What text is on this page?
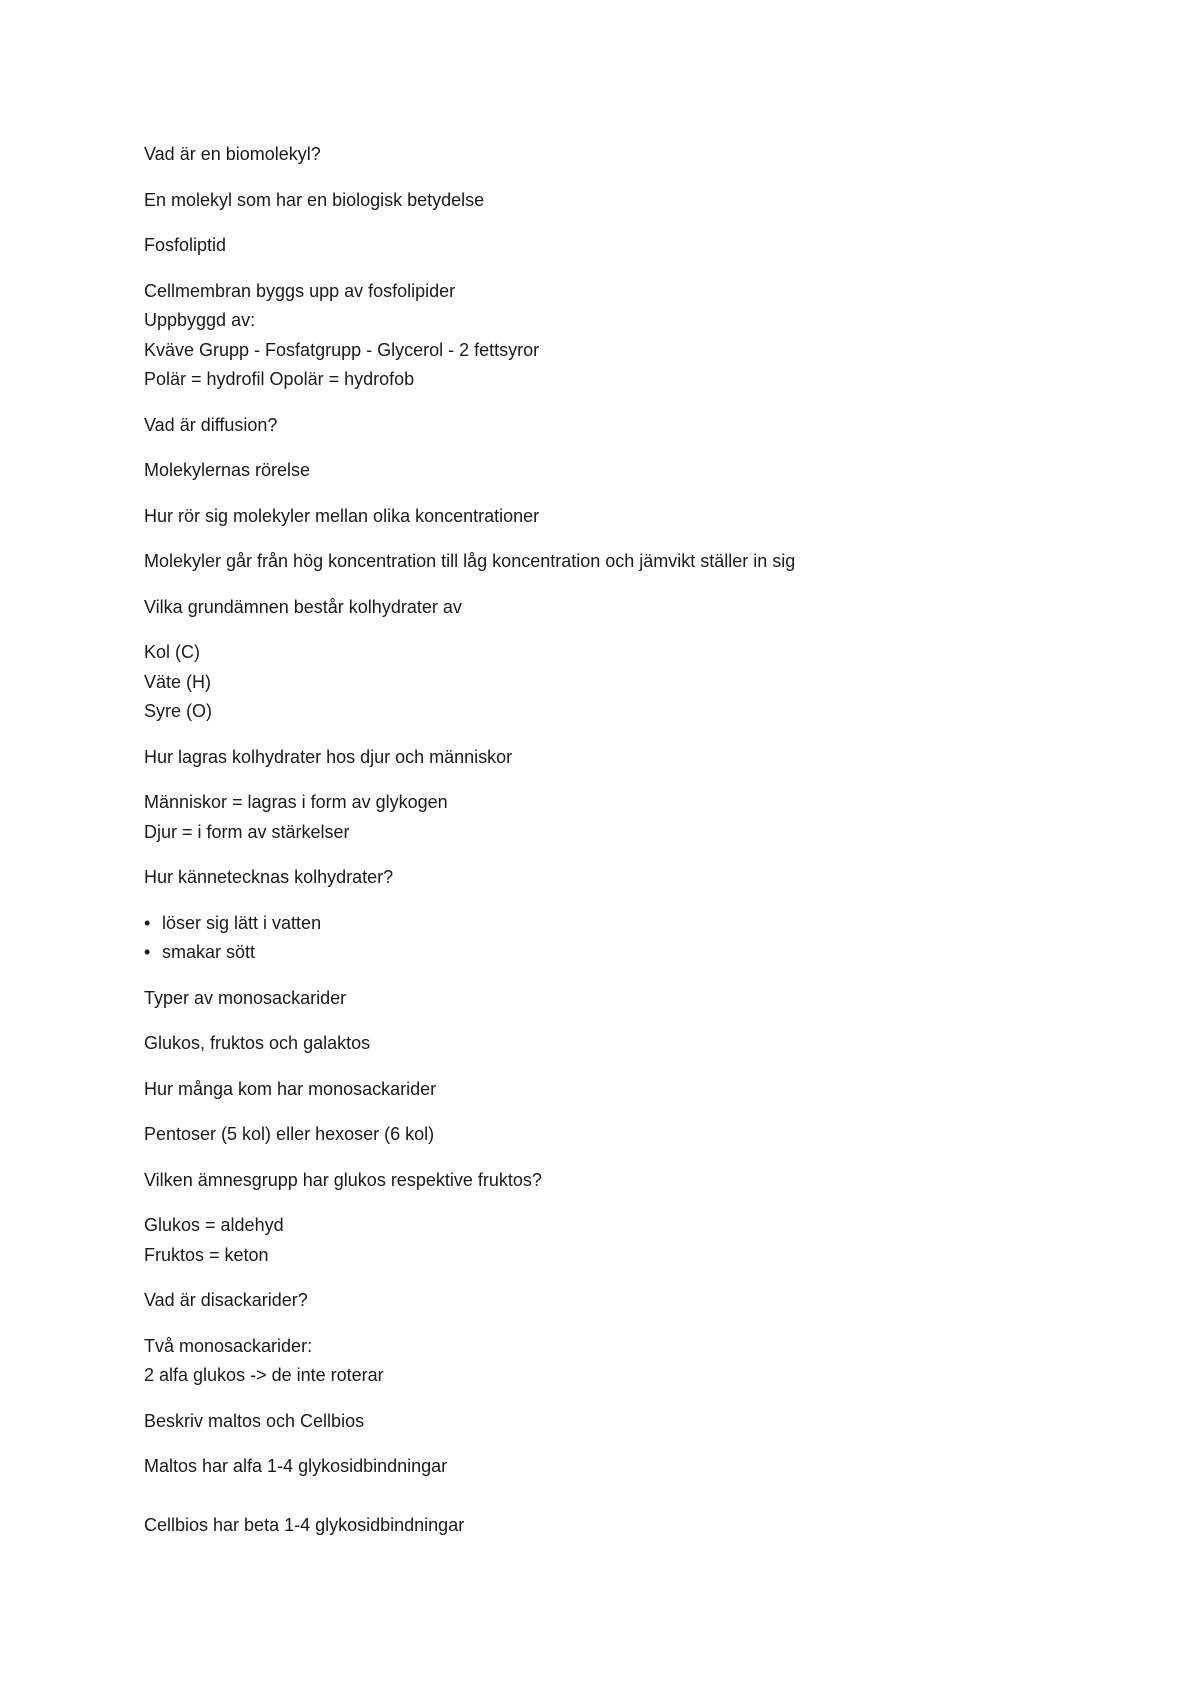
Vad är en biomolekyl?

En molekyl som har en biologisk betydelse

Fosfoliptid

Cellmembran byggs upp av fosfolipider
Uppbyggd av:
Kväve Grupp - Fosfatgrupp - Glycerol - 2 fettsyror
Polär = hydrofil Opolär = hydrofob

Vad är diffusion?

Molekylernas rörelse

Hur rör sig molekyler mellan olika koncentrationer

Molekyler går från hög koncentration till låg koncentration och jämvikt ställer in sig

Vilka grundämnen består kolhydrater av

Kol (C)
Väte (H)
Syre (O)

Hur lagras kolhydrater hos djur och människor

Människor = lagras i form av glykogen
Djur = i form av stärkelser

Hur kännetecknas kolhydrater?

• löser sig lätt i vatten
• smakar sött

Typer av monosackarider

Glukos, fruktos och galaktos

Hur många kom har monosackarider

Pentoser (5 kol) eller hexoser (6 kol)

Vilken ämnesgrupp har glukos respektive fruktos?

Glukos = aldehyd
Fruktos = keton

Vad är disackarider?

Två monosackarider:
2 alfa glukos -> de inte roterar

Beskriv maltos och Cellbios

Maltos har alfa 1-4 glykosidbindningar

Cellbios har beta 1-4 glykosidbindningar
